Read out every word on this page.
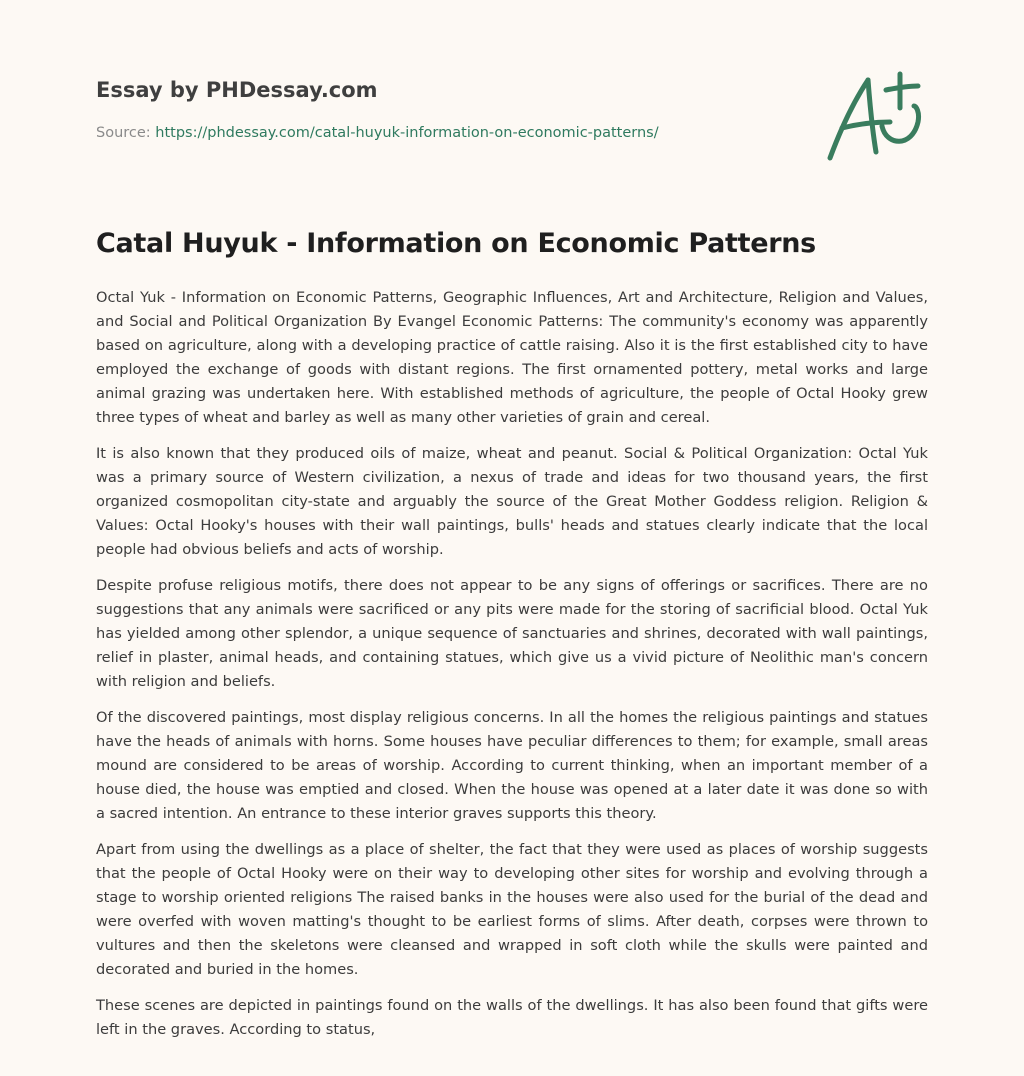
Essay by PHDessay.com
Source: https://phdessay.com/catal-huyuk-information-on-economic-patterns/
Catal Huyuk - Information on Economic Patterns

Octal Yuk - Information on Economic Patterns, Geographic Influences, Art and Architecture, Religion and Values, and Social and Political Organization By Evangel Economic Patterns: The community's economy was apparently based on agriculture, along with a developing practice of cattle raising. Also it is the first established city to have employed the exchange of goods with distant regions. The first ornamented pottery, metal works and large animal grazing was undertaken here. With established methods of agriculture, the people of Octal Hooky grew three types of wheat and barley as well as many other varieties of grain and cereal.

It is also known that they produced oils of maize, wheat and peanut. Social & Political Organization: Octal Yuk was a primary source of Western civilization, a nexus of trade and ideas for two thousand years, the first organized cosmopolitan city-state and arguably the source of the Great Mother Goddess religion. Religion & Values: Octal Hooky's houses with their wall paintings, bulls' heads and statues clearly indicate that the local people had obvious beliefs and acts of worship.

Despite profuse religious motifs, there does not appear to be any signs of offerings or sacrifices. There are no suggestions that any animals were sacrificed or any pits were made for the storing of sacrificial blood. Octal Yuk has yielded among other splendor, a unique sequence of sanctuaries and shrines, decorated with wall paintings, relief in plaster, animal heads, and containing statues, which give us a vivid picture of Neolithic man's concern with religion and beliefs.

Of the discovered paintings, most display religious concerns. In all the homes the religious paintings and statues have the heads of animals with horns. Some houses have peculiar differences to them; for example, small areas mound are considered to be areas of worship. According to current thinking, when an important member of a house died, the house was emptied and closed. When the house was opened at a later date it was done so with a sacred intention. An entrance to these interior graves supports this theory.

Apart from using the dwellings as a place of shelter, the fact that they were used as places of worship suggests that the people of Octal Hooky were on their way to developing other sites for worship and evolving through a stage to worship oriented religions The raised banks in the houses were also used for the burial of the dead and were overfed with woven matting's thought to be earliest forms of slims. After death, corpses were thrown to vultures and then the skeletons were cleansed and wrapped in soft cloth while the skulls were painted and decorated and buried in the homes.

These scenes are depicted in paintings found on the walls of the dwellings. It has also been found that gifts were left in the graves. According to status,
